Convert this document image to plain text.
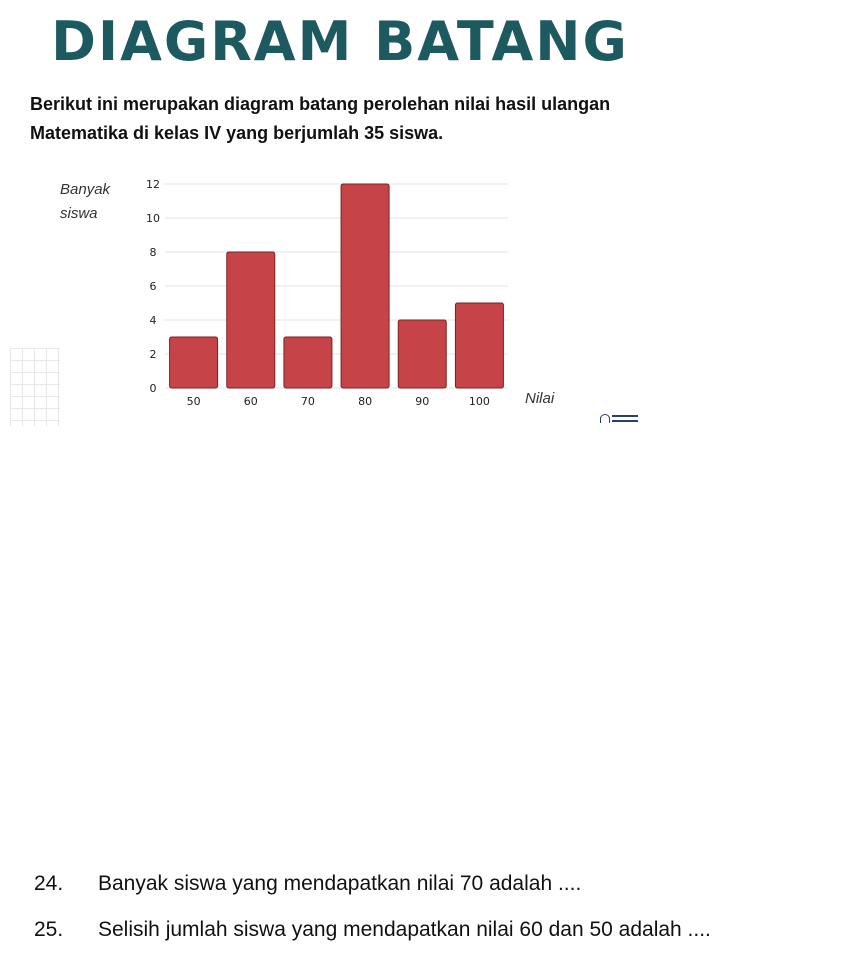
DIAGRAM BATANG
Berikut ini merupakan diagram batang perolehan nilai hasil ulangan Matematika di kelas IV yang berjumlah 35 siswa.
Banyak
siswa
Nilai
0
2
4
6
8
10
12
50	60	70	80	90	100
24. Banyak siswa yang mendapatkan nilai 70 adalah ....
25. Selisih jumlah siswa yang mendapatkan nilai 60 dan 50 adalah ....
